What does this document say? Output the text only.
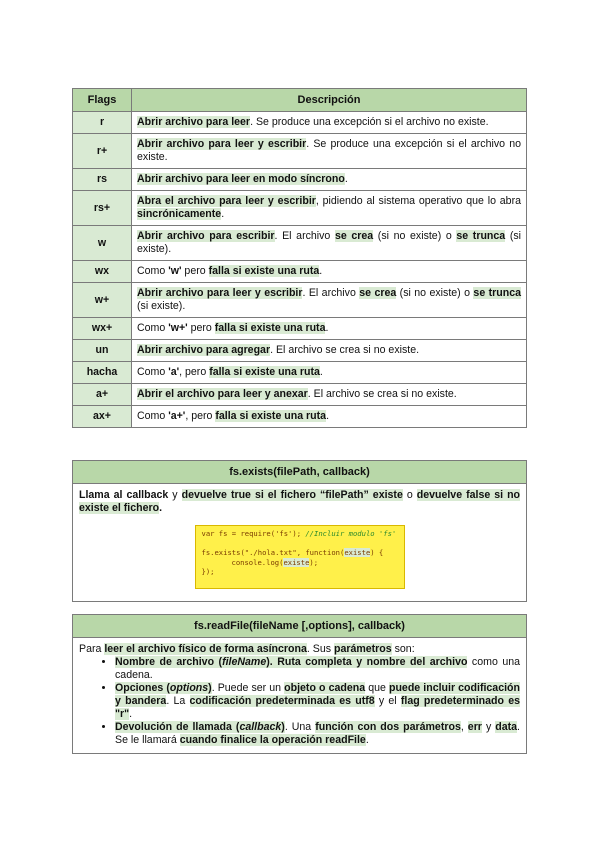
Flags	Descripción
r	Abrir archivo para leer. Se produce una excepción si el archivo no existe.
r+	Abrir archivo para leer y escribir. Se produce una excepción si el archivo no existe.
rs	Abrir archivo para leer en modo síncrono.
rs+	Abra el archivo para leer y escribir, pidiendo al sistema operativo que lo abra sincrónicamente.
w	Abrir archivo para escribir. El archivo se crea (si no existe) o se trunca (si existe).
wx	Como 'w' pero falla si existe una ruta.
w+	Abrir archivo para leer y escribir. El archivo se crea (si no existe) o se trunca (si existe).
wx+	Como 'w+' pero falla si existe una ruta.
un	Abrir archivo para agregar. El archivo se crea si no existe.
hacha	Como 'a', pero falla si existe una ruta.
a+	Abrir el archivo para leer y anexar. El archivo se crea si no existe.
ax+	Como 'a+', pero falla si existe una ruta.
fs.exists(filePath, callback)
Llama al callback y devuelve true si el fichero “filePath” existe o devuelve false si no existe el fichero.
var fs = require('fs'); //Incluir modulo 'fs'
fs.exists("./hola.txt", function(existe) {
console.log(existe);
});
fs.readFile(fileName [,options], callback)
Para leer el archivo físico de forma asíncrona. Sus parámetros son:
• Nombre de archivo (fileName). Ruta completa y nombre del archivo como una cadena.
• Opciones (options). Puede ser un objeto o cadena que puede incluir codificación y bandera. La codificación predeterminada es utf8 y el flag predeterminado es "r".
• Devolución de llamada (callback). Una función con dos parámetros, err y data. Se le llamará cuando finalice la operación readFile.
